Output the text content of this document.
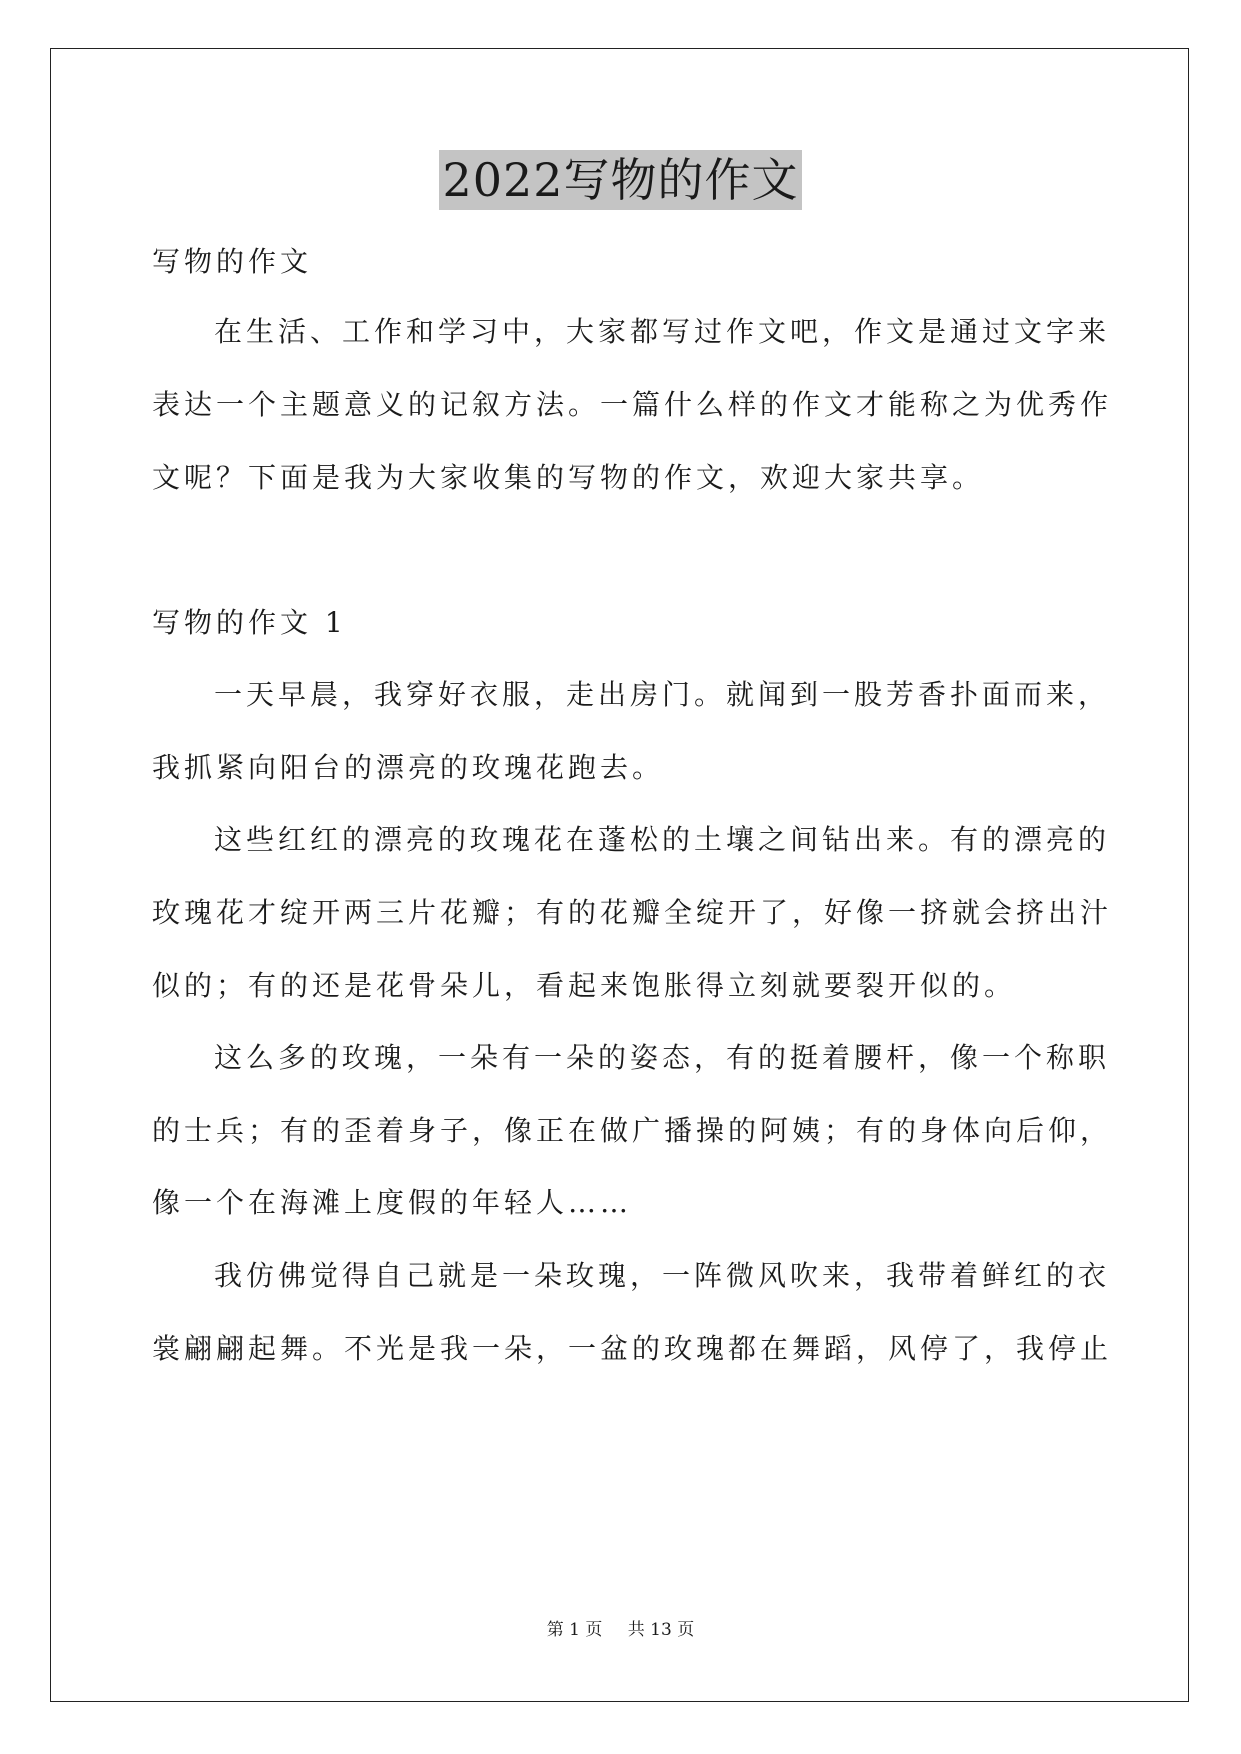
2022写物的作文
写物的作文
在生活、工作和学习中，大家都写过作文吧，作文是通过文字来
表达一个主题意义的记叙方法。一篇什么样的作文才能称之为优秀作
文呢？下面是我为大家收集的写物的作文，欢迎大家共享。
写物的作文 1
一天早晨，我穿好衣服，走出房门。就闻到一股芳香扑面而来，
我抓紧向阳台的漂亮的玫瑰花跑去。
这些红红的漂亮的玫瑰花在蓬松的土壤之间钻出来。有的漂亮的
玫瑰花才绽开两三片花瓣；有的花瓣全绽开了，好像一挤就会挤出汁
似的；有的还是花骨朵儿，看起来饱胀得立刻就要裂开似的。
这么多的玫瑰，一朵有一朵的姿态，有的挺着腰杆，像一个称职
的士兵；有的歪着身子，像正在做广播操的阿姨；有的身体向后仰，
像一个在海滩上度假的年轻人……
我仿佛觉得自己就是一朵玫瑰，一阵微风吹来，我带着鲜红的衣
裳翩翩起舞。不光是我一朵，一盆的玫瑰都在舞蹈，风停了，我停止
第 1 页 共 13 页
